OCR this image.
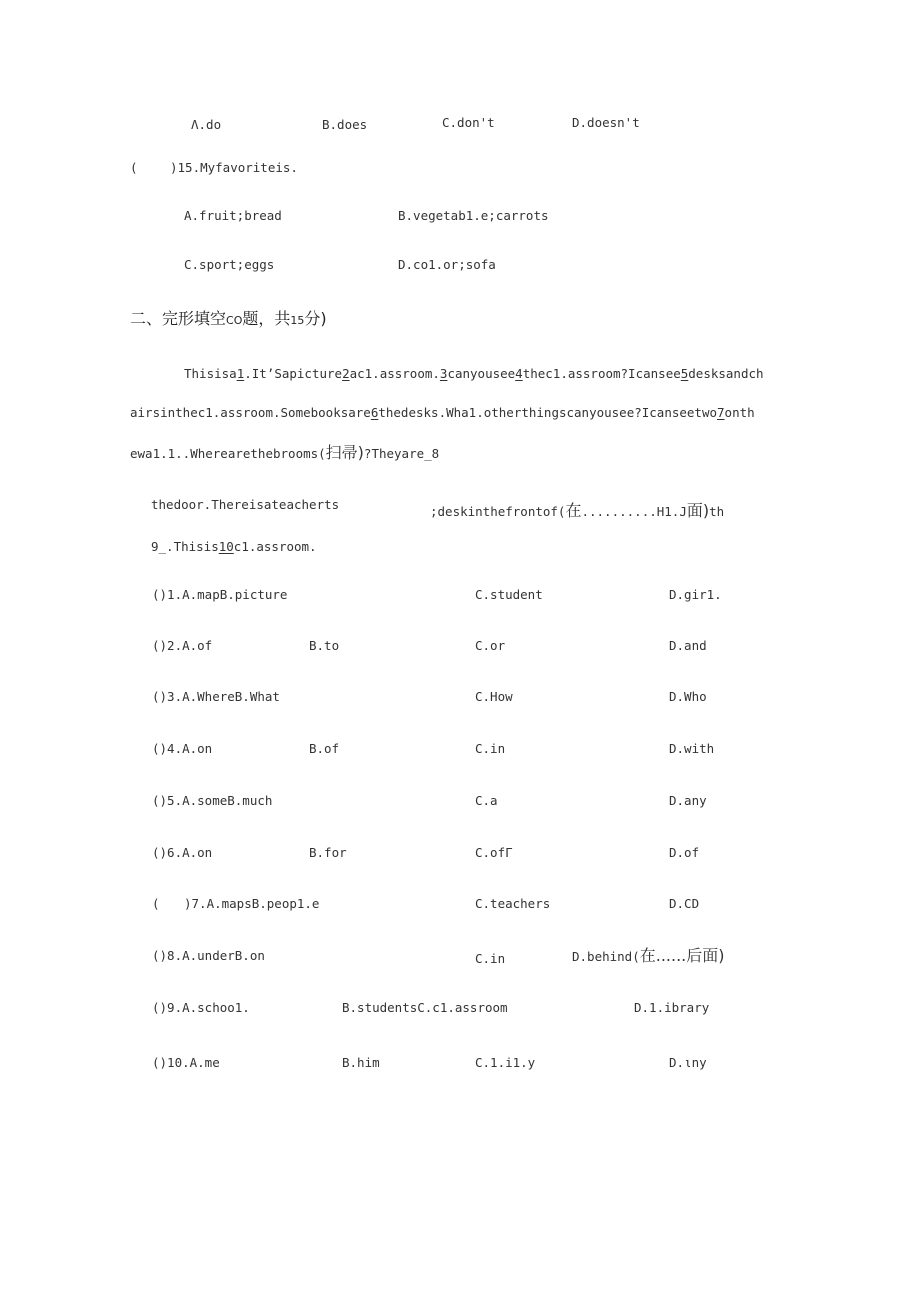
Λ.do	B.does	C.don't	D.doesn't
(	)15.Myfavoriteis.
A.fruit;bread	B.vegetab1.e;carrots
C.sport;eggs	D.co1.or;sofa
二、完形填空CO题，共15分)
Thisisa1.It’Sapicture2ac1.assroom.3canyousee4thec1.assroom?Icansee5desksandch
airsinthec1.assroom.Somebooksare6thedesks.Wha1.otherthingscanyousee?Icanseetwo7onth
ewa1.1..Wherearethebrooms(扫帚)?Theyare_8
thedoor.Thereisateacherts	;deskinthefrontof(在..........H1.J面)th
9_.Thisis10c1.assroom.
()1.A.mapB.picture	C.student	D.gir1.
()2.A.of	B.to	C.or	D.and
()3.A.WhereB.What	C.How	D.Who
()4.A.on	B.of	C.in	D.with
()5.A.someB.much	C.a	D.any
()6.A.on	B.for	C.ofΓ	D.of
( )7.A.mapsB.peop1.e	C.teachers	D.CD
()8.A.underB.on	C.in	D.behind(在......后面)
()9.A.schoo1.	B.studentsC.c1.assroom	D.1.ibrary
()10.A.me	B.him	C.1.i1.y	D.ιny
